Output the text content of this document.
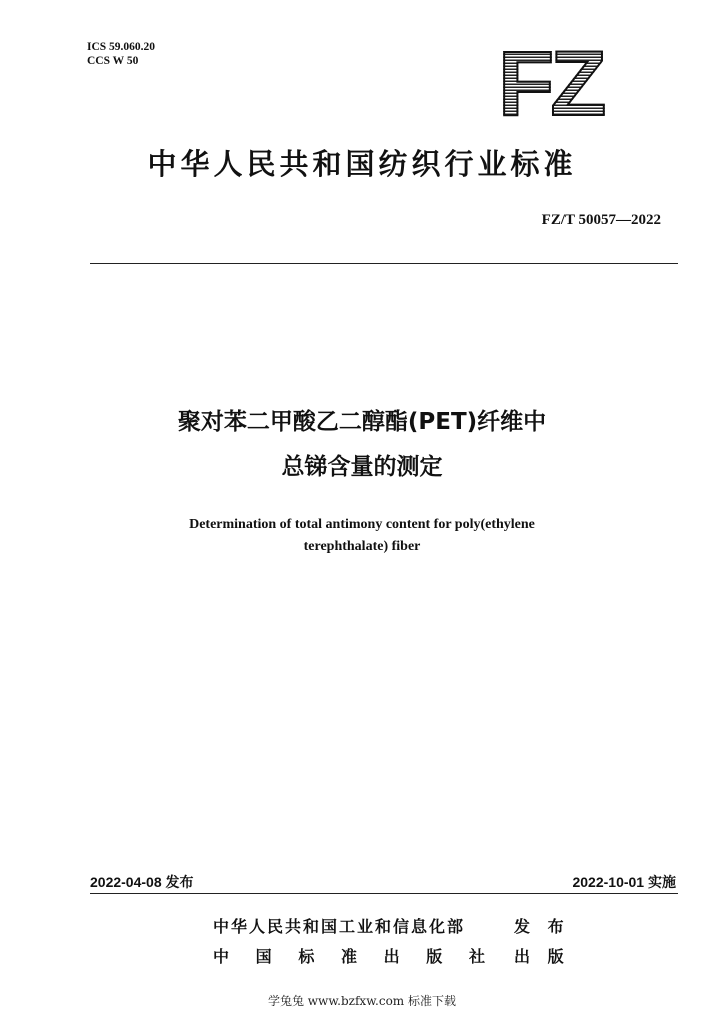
ICS 59.060.20
CCS W 50	FZ
中华人民共和国纺织行业标准
FZ/T 50057—2022
聚对苯二甲酸乙二醇酯(PET)纤维中
总锑含量的测定
Determination of total antimony content for poly(ethylene
terephthalate) fiber
2022-04-08 发布	2022-10-01 实施
中华人民共和国工业和信息化部	发 布
中 国 标 准 出 版 社 出 版
学兔兔 www.bzfxw.com 标准下载
